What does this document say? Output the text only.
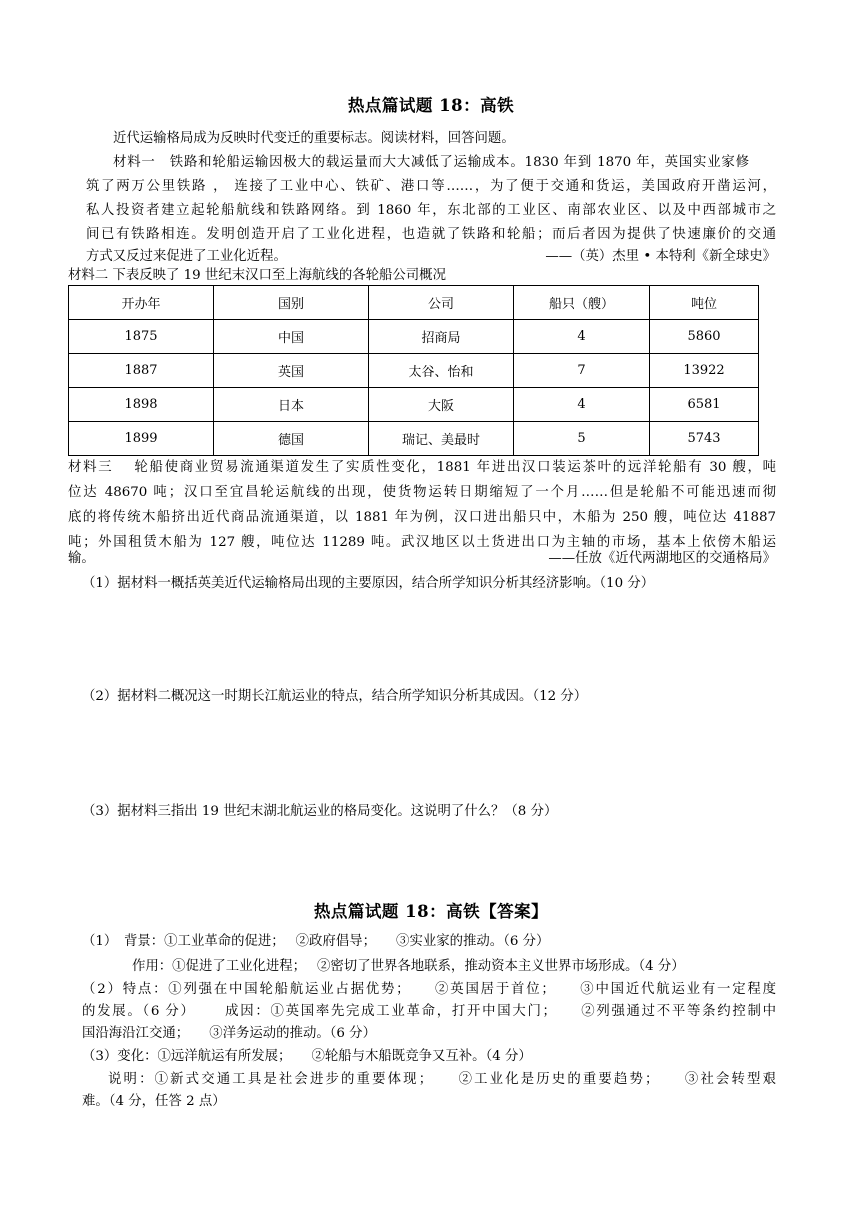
热点篇试题 18：高铁
近代运输格局成为反映时代变迁的重要标志。阅读材料，回答问题。
材料一　铁路和轮船运输因极大的载运量而大大减低了运输成本。1830 年到 1870 年，英国实业家修
筑了两万公里铁路 ， 连接了工业中心、铁矿、港口等……，为了便于交通和货运，美国政府开凿运河，
私人投资者建立起轮船航线和铁路网络。到 1860 年，东北部的工业区、南部农业区、以及中西部城市之
间已有铁路相连。发明创造开启了工业化进程，也造就了铁路和轮船；而后者因为提供了快速廉价的交通
方式又反过来促进了工业化近程。	——（英）杰里 • 本特利《新全球史》
材料二 下表反映了 19 世纪末汉口至上海航线的各轮船公司概况
开办年	国别	公司	船只（艘）	吨位
1875	中国	招商局	4	5860
1887	英国	太谷、怡和	7	13922
1898	日本	大阪	4	6581
1899	德国	瑞记、美最时	5	5743
材料三　 轮船使商业贸易流通渠道发生了实质性变化，1881 年进出汉口装运茶叶的远洋轮船有 30 艘，吨
位达 48670 吨；汉口至宜昌轮运航线的出现，使货物运转日期缩短了一个月……但是轮船不可能迅速而彻
底的将传统木船挤出近代商品流通渠道，以 1881 年为例，汉口进出船只中，木船为 250 艘，吨位达 41887
吨；外国租赁木船为 127 艘，吨位达 11289 吨。武汉地区以土货进出口为主轴的市场，基本上依傍木船运
输。	——任放《近代两湖地区的交通格局》
（1）据材料一概括英美近代运输格局出现的主要原因，结合所学知识分析其经济影响。（10 分）
（2）据材料二概况这一时期长江航运业的特点，结合所学知识分析其成因。（12 分）
（3）据材料三指出 19 世纪末湖北航运业的格局变化。这说明了什么？（8 分）
热点篇试题 18：高铁【答案】
（1）　背景：①工业革命的促进；　 ②政府倡导；　　③实业家的推动。（6 分）
作用：①促进了工业化进程；　 ②密切了世界各地联系，推动资本主义世界市场形成。（4 分）
（2）特点：①列强在中国轮船航运业占据优势；　　②英国居于首位；　　③中国近代航运业有一定程度
的发展。（6 分）　　 成因：①英国率先完成工业革命，打开中国大门；　　②列强通过不平等条约控制中
国沿海沿江交通；　　③洋务运动的推动。（6 分）
（3）变化：①远洋航运有所发展；　　②轮船与木船既竞争又互补。（4 分）
说明：①新式交通工具是社会进步的重要体现；　　②工业化是历史的重要趋势；　　③社会转型艰
难。（4 分，任答 2 点）
